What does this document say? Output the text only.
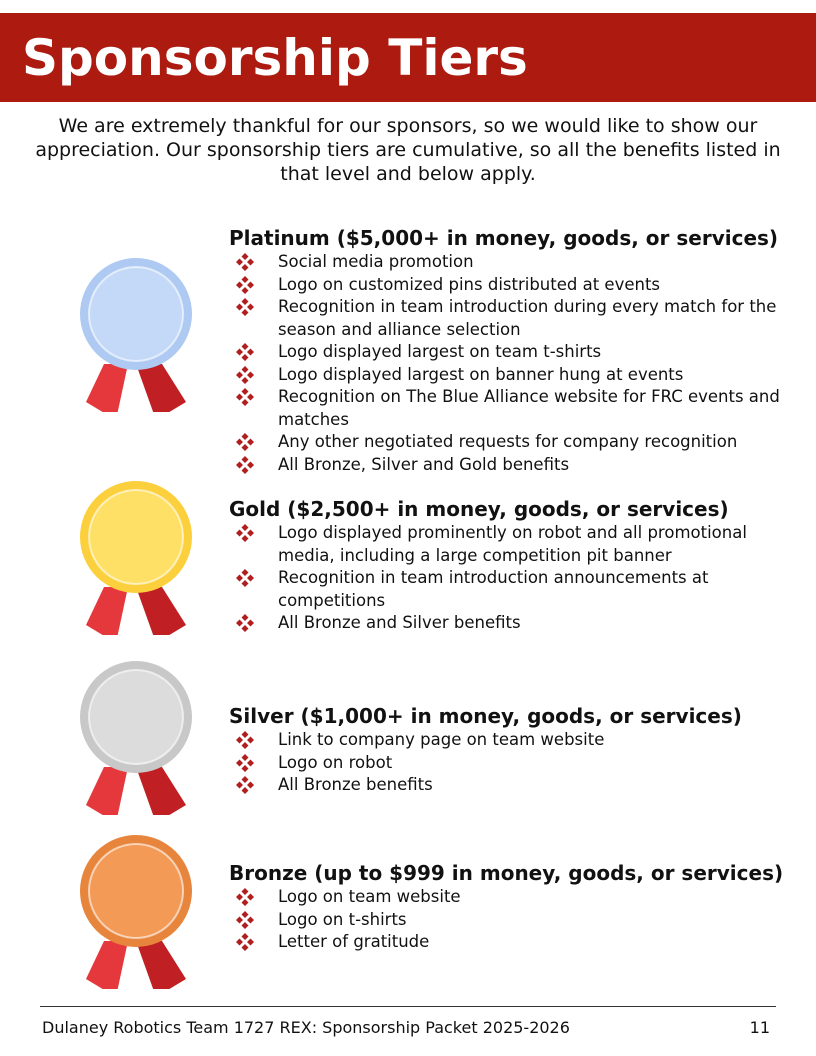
Sponsorship Tiers

We are extremely thankful for our sponsors, so we would like to show our appreciation. Our sponsorship tiers are cumulative, so all the benefits listed in that level and below apply.

Platinum ($5,000+ in money, goods, or services)
Social media promotion
Logo on customized pins distributed at events
Recognition in team introduction during every match for the season and alliance selection
Logo displayed largest on team t-shirts
Logo displayed largest on banner hung at events
Recognition on The Blue Alliance website for FRC events and matches
Any other negotiated requests for company recognition
All Bronze, Silver and Gold benefits
Gold ($2,500+ in money, goods, or services)
Logo displayed prominently on robot and all promotional media, including a large competition pit banner
Recognition in team introduction announcements at competitions
All Bronze and Silver benefits
Silver ($1,000+ in money, goods, or services)
Link to company page on team website
Logo on robot
All Bronze benefits
Bronze (up to $999 in money, goods, or services)
Logo on team website
Logo on t-shirts
Letter of gratitude
Dulaney Robotics Team 1727 REX: Sponsorship Packet 2025-2026	11
